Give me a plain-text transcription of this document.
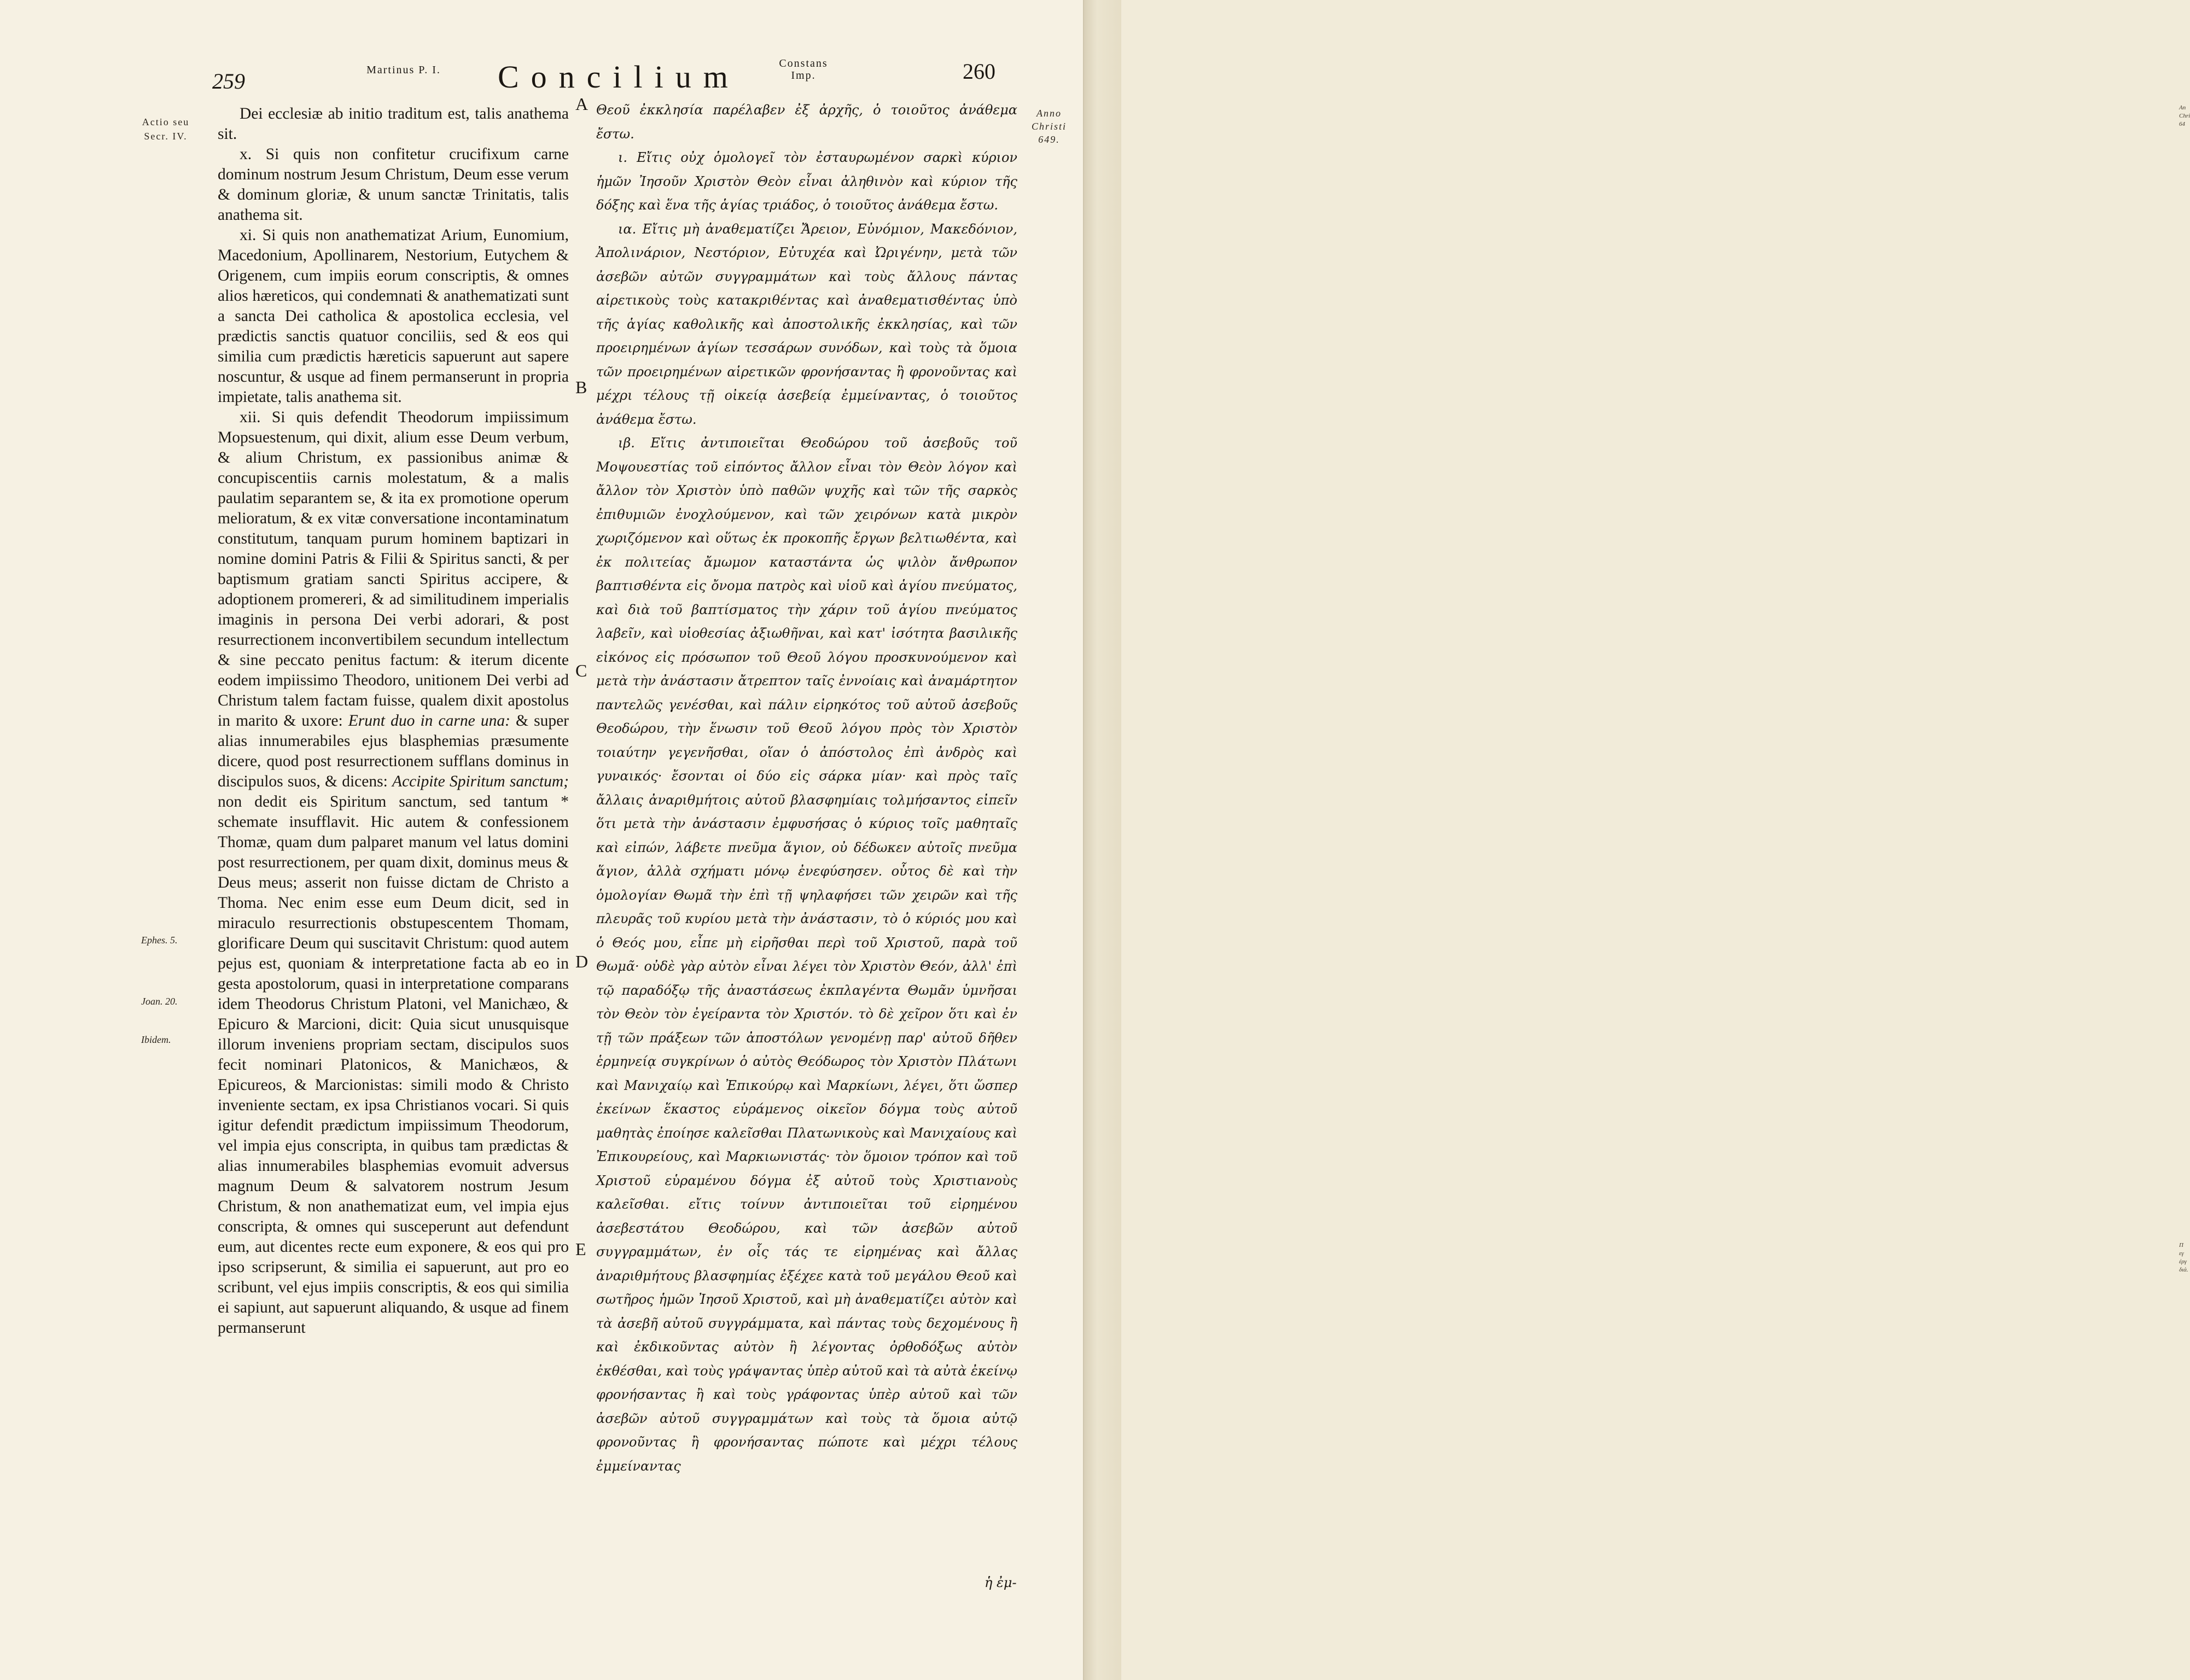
259	Martinus P. I. Concilium	Constans Imp.	260
Actio seu Secr. IV.
Ephes. 5.
Joan. 20.
Ibidem.
Anno Christi
649.
A
B
C
D
E

Dei ecclesiæ ab initio traditum est, talis anathema sit.

x. Si quis non confitetur crucifixum carne dominum nostrum Jesum Christum, Deum esse verum & dominum gloriæ, & unum sanctæ Trinitatis, talis anathema sit.

xi. Si quis non anathematizat Arium, Eunomium, Macedonium, Apollinarem, Nestorium, Eutychem & Origenem, cum impiis eorum conscriptis, & omnes alios hæreticos, qui condemnati & anathematizati sunt a sancta Dei catholica & apostolica ecclesia, vel prædictis sanctis quatuor conciliis, sed & eos qui similia cum prædictis hæreticis sapuerunt aut sapere noscuntur, & usque ad finem permanserunt in propria impietate, talis anathema sit.

xii. Si quis defendit Theodorum impiissimum Mopsuestenum, qui dixit, alium esse Deum verbum, & alium Christum, ex passionibus animæ & concupiscentiis carnis molestatum, & a malis paulatim separantem se, & ita ex promotione operum melioratum, & ex vitæ conversatione incontaminatum constitutum, tanquam purum hominem baptizari in nomine domini Patris & Filii & Spiritus sancti, & per baptismum gratiam sancti Spiritus accipere, & adoptionem promereri, & ad similitudinem imperialis imaginis in persona Dei verbi adorari, & post resurrectionem inconvertibilem secundum intellectum & sine peccato penitus factum: & iterum dicente eodem impiissimo Theodoro, unitionem Dei verbi ad Christum talem factam fuisse, qualem dixit apostolus in marito & uxore: Erunt duo in carne una: & super alias innumerabiles ejus blasphemias præsumente dicere, quod post resurrectionem sufflans dominus in discipulos suos, & dicens: Accipite Spiritum sanctum; non dedit eis Spiritum sanctum, sed tantum * schemate insufflavit. Hic autem & confessionem Thomæ, quam dum palparet manum vel latus domini post resurrectionem, per quam dixit, dominus meus & Deus meus; asserit non fuisse dictam de Christo a Thoma. Nec enim esse eum Deum dicit, sed in miraculo resurrectionis obstupescentem Thomam, glorificare Deum qui suscitavit Christum: quod autem pejus est, quoniam & interpretatione facta ab eo in gesta apostolorum, quasi in interpretatione comparans idem Theodorus Christum Platoni, vel Manichæo, & Epicuro & Marcioni, dicit: Quia sicut unusquisque illorum inveniens propriam sectam, discipulos suos fecit nominari Platonicos, & Manichæos, & Epicureos, & Marcionistas: simili modo & Christo inveniente sectam, ex ipsa Christianos vocari. Si quis igitur defendit prædictum impiissimum Theodorum, vel impia ejus conscripta, in quibus tam prædictas & alias innumerabiles blasphemias evomuit adversus magnum Deum & salvatorem nostrum Jesum Christum, & non anathematizat eum, vel impia ejus conscripta, & omnes qui susceperunt aut defendunt eum, aut dicentes recte eum exponere, & eos qui pro ipso scripserunt, & similia ei sapuerunt, aut pro eo scribunt, vel ejus impiis conscriptis, & eos qui similia ei sapiunt, aut sapuerunt aliquando, & usque ad finem permanserunt

Θεοῦ ἐκκλησία παρέλαβεν ἐξ ἀρχῆς, ὁ τοιοῦτος ἀνάθεμα ἔστω.

ι. Εἴτις οὐχ ὁμολογεῖ τὸν ἐσταυρωμένον σαρκὶ κύριον ἡμῶν Ἰησοῦν Χριστὸν Θεὸν εἶναι ἀληθινὸν καὶ κύριον τῆς δόξης καὶ ἕνα τῆς ἁγίας τριάδος, ὁ τοιοῦτος ἀνάθεμα ἔστω.

ια. Εἴτις μὴ ἀναθεματίζει Ἄρειον, Εὐνόμιον, Μακεδόνιον, Ἀπολινάριον, Νεστόριον, Εὐτυχέα καὶ Ὠριγένην, μετὰ τῶν ἀσεβῶν αὐτῶν συγγραμμάτων καὶ τοὺς ἄλλους πάντας αἱρετικοὺς τοὺς κατακριθέντας καὶ ἀναθεματισθέντας ὑπὸ τῆς ἁγίας καθολικῆς καὶ ἀποστολικῆς ἐκκλησίας, καὶ τῶν προειρημένων ἁγίων τεσσάρων συνόδων, καὶ τοὺς τὰ ὅμοια τῶν προειρημένων αἱρετικῶν φρονήσαντας ἢ φρονοῦντας καὶ μέχρι τέλους τῇ οἰκείᾳ ἀσεβείᾳ ἐμμείναντας, ὁ τοιοῦτος ἀνάθεμα ἔστω.

ιβ. Εἴτις ἀντιποιεῖται Θεοδώρου τοῦ ἀσεβοῦς τοῦ Μοψουεστίας τοῦ εἰπόντος ἄλλον εἶναι τὸν Θεὸν λόγον καὶ ἄλλον τὸν Χριστὸν ὑπὸ παθῶν ψυχῆς καὶ τῶν τῆς σαρκὸς ἐπιθυμιῶν ἐνοχλούμενον, καὶ τῶν χειρόνων κατὰ μικρὸν χωριζόμενον καὶ οὕτως ἐκ προκοπῆς ἔργων βελτιωθέντα, καὶ ἐκ πολιτείας ἄμωμον καταστάντα ὡς ψιλὸν ἄνθρωπον βαπτισθέντα εἰς ὄνομα πατρὸς καὶ υἱοῦ καὶ ἁγίου πνεύματος, καὶ διὰ τοῦ βαπτίσματος τὴν χάριν τοῦ ἁγίου πνεύματος λαβεῖν, καὶ υἱοθεσίας ἀξιωθῆναι, καὶ κατ' ἰσότητα βασιλικῆς εἰκόνος εἰς πρόσωπον τοῦ Θεοῦ λόγου προσκυνούμενον καὶ μετὰ τὴν ἀνάστασιν ἄτρεπτον ταῖς ἐννοίαις καὶ ἀναμάρτητον παντελῶς γενέσθαι, καὶ πάλιν εἰρηκότος τοῦ αὐτοῦ ἀσεβοῦς Θεοδώρου, τὴν ἕνωσιν τοῦ Θεοῦ λόγου πρὸς τὸν Χριστὸν τοιαύτην γεγενῆσθαι, οἵαν ὁ ἀπόστολος ἐπὶ ἀνδρὸς καὶ γυναικός· ἔσονται οἱ δύο εἰς σάρκα μίαν· καὶ πρὸς ταῖς ἄλλαις ἀναριθμήτοις αὐτοῦ βλασφημίαις τολμήσαντος εἰπεῖν ὅτι μετὰ τὴν ἀνάστασιν ἐμφυσήσας ὁ κύριος τοῖς μαθηταῖς καὶ εἰπών, λάβετε πνεῦμα ἅγιον, οὐ δέδωκεν αὐτοῖς πνεῦμα ἅγιον, ἀλλὰ σχήματι μόνῳ ἐνεφύσησεν. οὗτος δὲ καὶ τὴν ὁμολογίαν Θωμᾶ τὴν ἐπὶ τῇ ψηλαφήσει τῶν χειρῶν καὶ τῆς πλευρᾶς τοῦ κυρίου μετὰ τὴν ἀνάστασιν, τὸ ὁ κύριός μου καὶ ὁ Θεός μου, εἶπε μὴ εἰρῆσθαι περὶ τοῦ Χριστοῦ, παρὰ τοῦ Θωμᾶ· οὐδὲ γὰρ αὐτὸν εἶναι λέγει τὸν Χριστὸν Θεόν, ἀλλ' ἐπὶ τῷ παραδόξῳ τῆς ἀναστάσεως ἐκπλαγέντα Θωμᾶν ὑμνῆσαι τὸν Θεὸν τὸν ἐγείραντα τὸν Χριστόν. τὸ δὲ χεῖρον ὅτι καὶ ἐν τῇ τῶν πράξεων τῶν ἀποστόλων γενομένῃ παρ' αὐτοῦ δῆθεν ἑρμηνείᾳ συγκρίνων ὁ αὐτὸς Θεόδωρος τὸν Χριστὸν Πλάτωνι καὶ Μανιχαίῳ καὶ Ἐπικούρῳ καὶ Μαρκίωνι, λέγει, ὅτι ὥσπερ ἐκείνων ἕκαστος εὑράμενος οἰκεῖον δόγμα τοὺς αὐτοῦ μαθητὰς ἐποίησε καλεῖσθαι Πλατωνικοὺς καὶ Μανιχαίους καὶ Ἐπικουρείους, καὶ Μαρκιωνιστάς· τὸν ὅμοιον τρόπον καὶ τοῦ Χριστοῦ εὑραμένου δόγμα ἐξ αὐτοῦ τοὺς Χριστιανοὺς καλεῖσθαι. εἴτις τοίνυν ἀντιποιεῖται τοῦ εἰρημένου ἀσεβεστάτου Θεοδώρου, καὶ τῶν ἀσεβῶν αὐτοῦ συγγραμμάτων, ἐν οἷς τάς τε εἰρημένας καὶ ἄλλας ἀναριθμήτους βλασφημίας ἐξέχεε κατὰ τοῦ μεγάλου Θεοῦ καὶ σωτῆρος ἡμῶν Ἰησοῦ Χριστοῦ, καὶ μὴ ἀναθεματίζει αὐτὸν καὶ τὰ ἀσεβῆ αὐτοῦ συγγράμματα, καὶ πάντας τοὺς δεχομένους ἢ καὶ ἐκδικοῦντας αὐτὸν ἢ λέγοντας ὀρθοδόξως αὐτὸν ἐκθέσθαι, καὶ τοὺς γράψαντας ὑπὲρ αὐτοῦ καὶ τὰ αὐτὰ ἐκείνῳ φρονήσαντας ἢ καὶ τοὺς γράφοντας ὑπὲρ αὐτοῦ καὶ τῶν ἀσεβῶν αὐτοῦ συγγραμμάτων καὶ τοὺς τὰ ὅμοια αὐτῷ φρονοῦντας ἢ φρονήσαντας πώποτε καὶ μέχρι τέλους ἐμμείναντας

ἡ ἐμ-
An Chri 64
Π εγ ἐργ διά.
